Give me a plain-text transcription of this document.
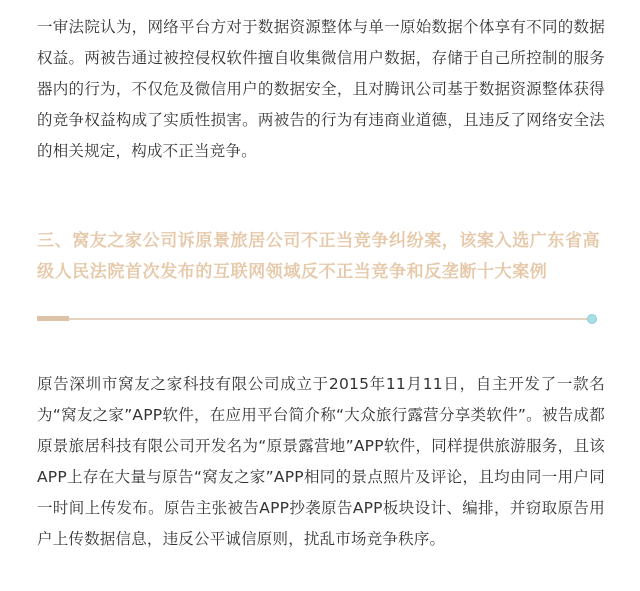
一审法院认为，网络平台方对于数据资源整体与单一原始数据个体享有不同的数据权益。两被告通过被控侵权软件擅自收集微信用户数据，存储于自己所控制的服务器内的行为，不仅危及微信用户的数据安全，且对腾讯公司基于数据资源整体获得的竞争权益构成了实质性损害。两被告的行为有违商业道德，且违反了网络安全法的相关规定，构成不正当竞争。

三、窝友之家公司诉原景旅居公司不正当竞争纠纷案，该案入选广东省高级人民法院首次发布的互联网领域反不正当竞争和反垄断十大案例

原告深圳市窝友之家科技有限公司成立于2015年11月11日，自主开发了一款名为“窝友之家”APP软件，在应用平台简介称“大众旅行露营分享类软件”。被告成都原景旅居科技有限公司开发名为“原景露营地”APP软件，同样提供旅游服务，且该APP上存在大量与原告“窝友之家”APP相同的景点照片及评论，且均由同一用户同一时间上传发布。原告主张被告APP抄袭原告APP板块设计、编排，并窃取原告用户上传数据信息，违反公平诚信原则，扰乱市场竞争秩序。
